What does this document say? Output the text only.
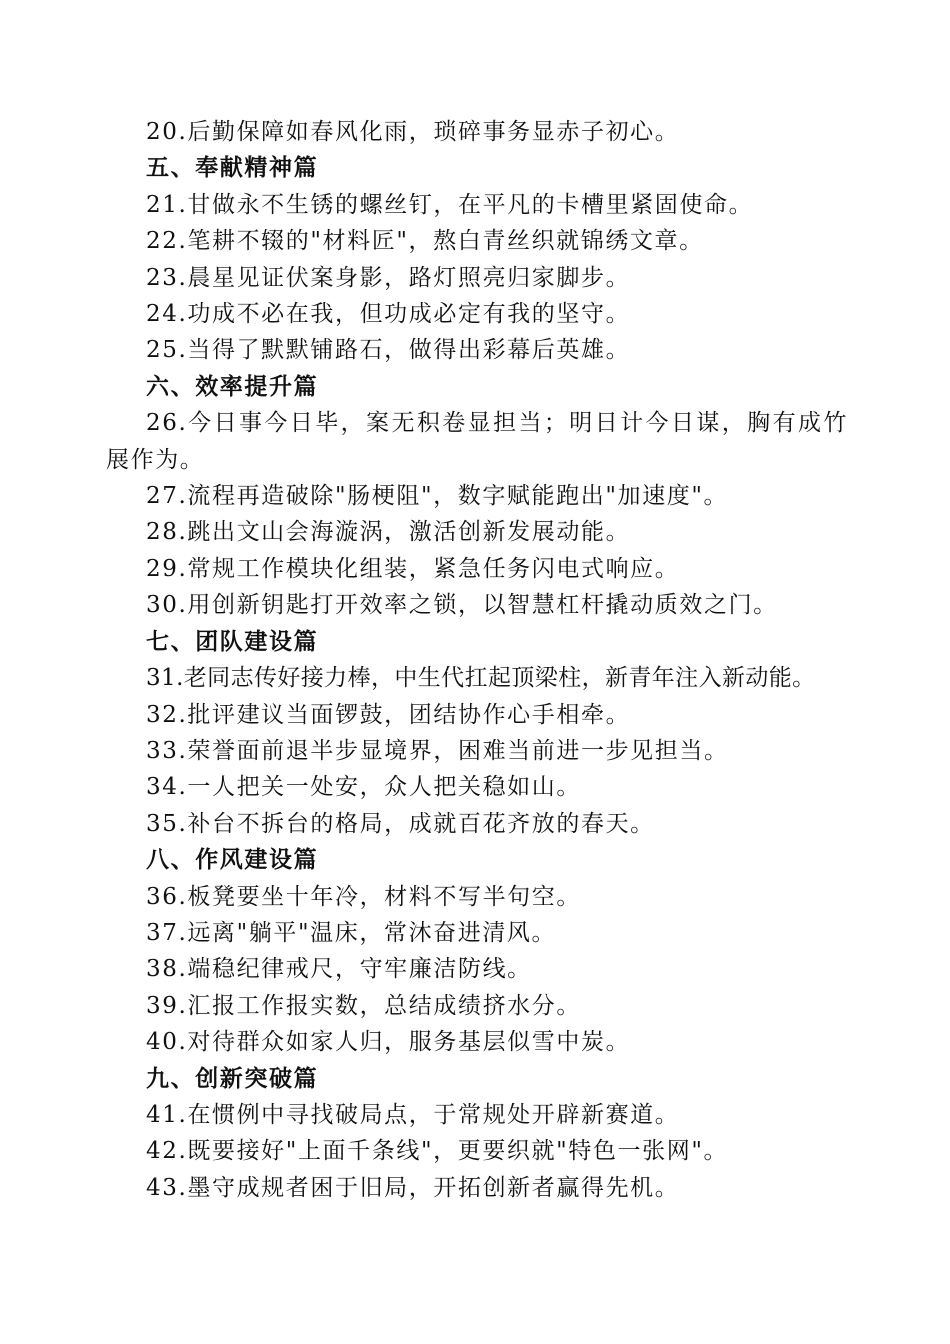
20.后勤保障如春风化雨，琐碎事务显赤子初心。
五、奉献精神篇
21.甘做永不生锈的螺丝钉，在平凡的卡槽里紧固使命。
22.笔耕不辍的"材料匠"，熬白青丝织就锦绣文章。
23.晨星见证伏案身影，路灯照亮归家脚步。
24.功成不必在我，但功成必定有我的坚守。
25.当得了默默铺路石，做得出彩幕后英雄。
六、效率提升篇
26.今日事今日毕，案无积卷显担当；明日计今日谋，胸有成竹展作为。
27.流程再造破除"肠梗阻"，数字赋能跑出"加速度"。
28.跳出文山会海漩涡，激活创新发展动能。
29.常规工作模块化组装，紧急任务闪电式响应。
30.用创新钥匙打开效率之锁，以智慧杠杆撬动质效之门。
七、团队建设篇
31.老同志传好接力棒，中生代扛起顶梁柱，新青年注入新动能。
32.批评建议当面锣鼓，团结协作心手相牵。
33.荣誉面前退半步显境界，困难当前进一步见担当。
34.一人把关一处安，众人把关稳如山。
35.补台不拆台的格局，成就百花齐放的春天。
八、作风建设篇
36.板凳要坐十年冷，材料不写半句空。
37.远离"躺平"温床，常沐奋进清风。
38.端稳纪律戒尺，守牢廉洁防线。
39.汇报工作报实数，总结成绩挤水分。
40.对待群众如家人归，服务基层似雪中炭。
九、创新突破篇
41.在惯例中寻找破局点，于常规处开辟新赛道。
42.既要接好"上面千条线"，更要织就"特色一张网"。
43.墨守成规者困于旧局，开拓创新者赢得先机。
